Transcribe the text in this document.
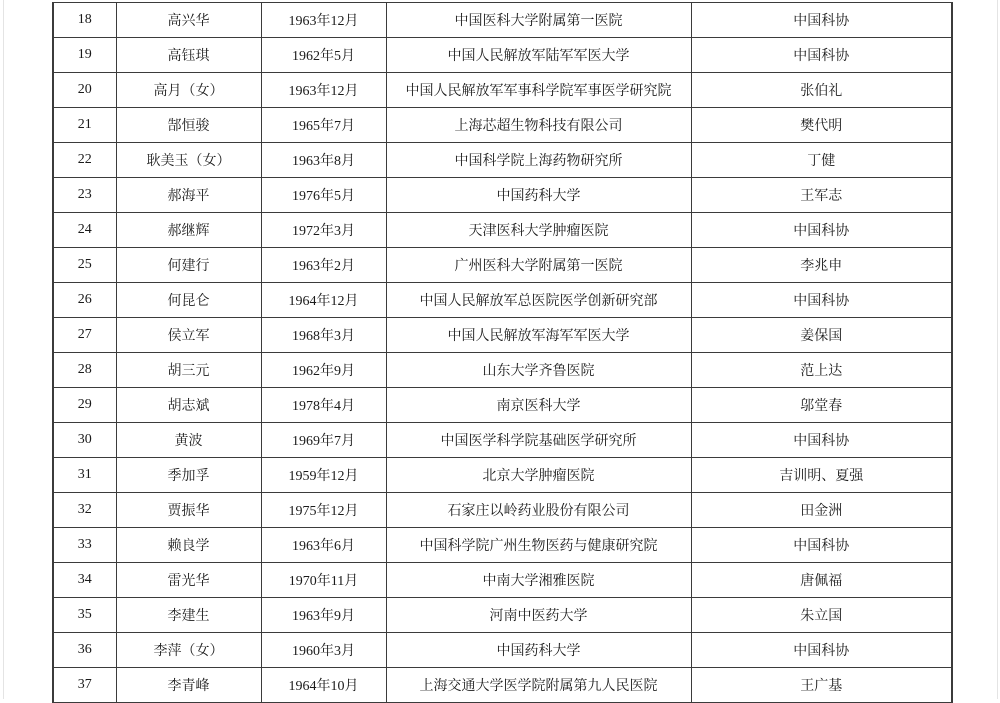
18	高兴华	1963年12月	中国医科大学附属第一医院	中国科协
19	高钰琪	1962年5月	中国人民解放军陆军军医大学	中国科协
20	高月（女）	1963年12月	中国人民解放军军事科学院军事医学研究院	张伯礼
21	郜恒骏	1965年7月	上海芯超生物科技有限公司	樊代明
22	耿美玉（女）	1963年8月	中国科学院上海药物研究所	丁健
23	郝海平	1976年5月	中国药科大学	王军志
24	郝继辉	1972年3月	天津医科大学肿瘤医院	中国科协
25	何建行	1963年2月	广州医科大学附属第一医院	李兆申
26	何昆仑	1964年12月	中国人民解放军总医院医学创新研究部	中国科协
27	侯立军	1968年3月	中国人民解放军海军军医大学	姜保国
28	胡三元	1962年9月	山东大学齐鲁医院	范上达
29	胡志斌	1978年4月	南京医科大学	邬堂春
30	黄波	1969年7月	中国医学科学院基础医学研究所	中国科协
31	季加孚	1959年12月	北京大学肿瘤医院	吉训明、夏强
32	贾振华	1975年12月	石家庄以岭药业股份有限公司	田金洲
33	赖良学	1963年6月	中国科学院广州生物医药与健康研究院	中国科协
34	雷光华	1970年11月	中南大学湘雅医院	唐佩福
35	李建生	1963年9月	河南中医药大学	朱立国
36	李萍（女）	1960年3月	中国药科大学	中国科协
37	李青峰	1964年10月	上海交通大学医学院附属第九人民医院	王广基
